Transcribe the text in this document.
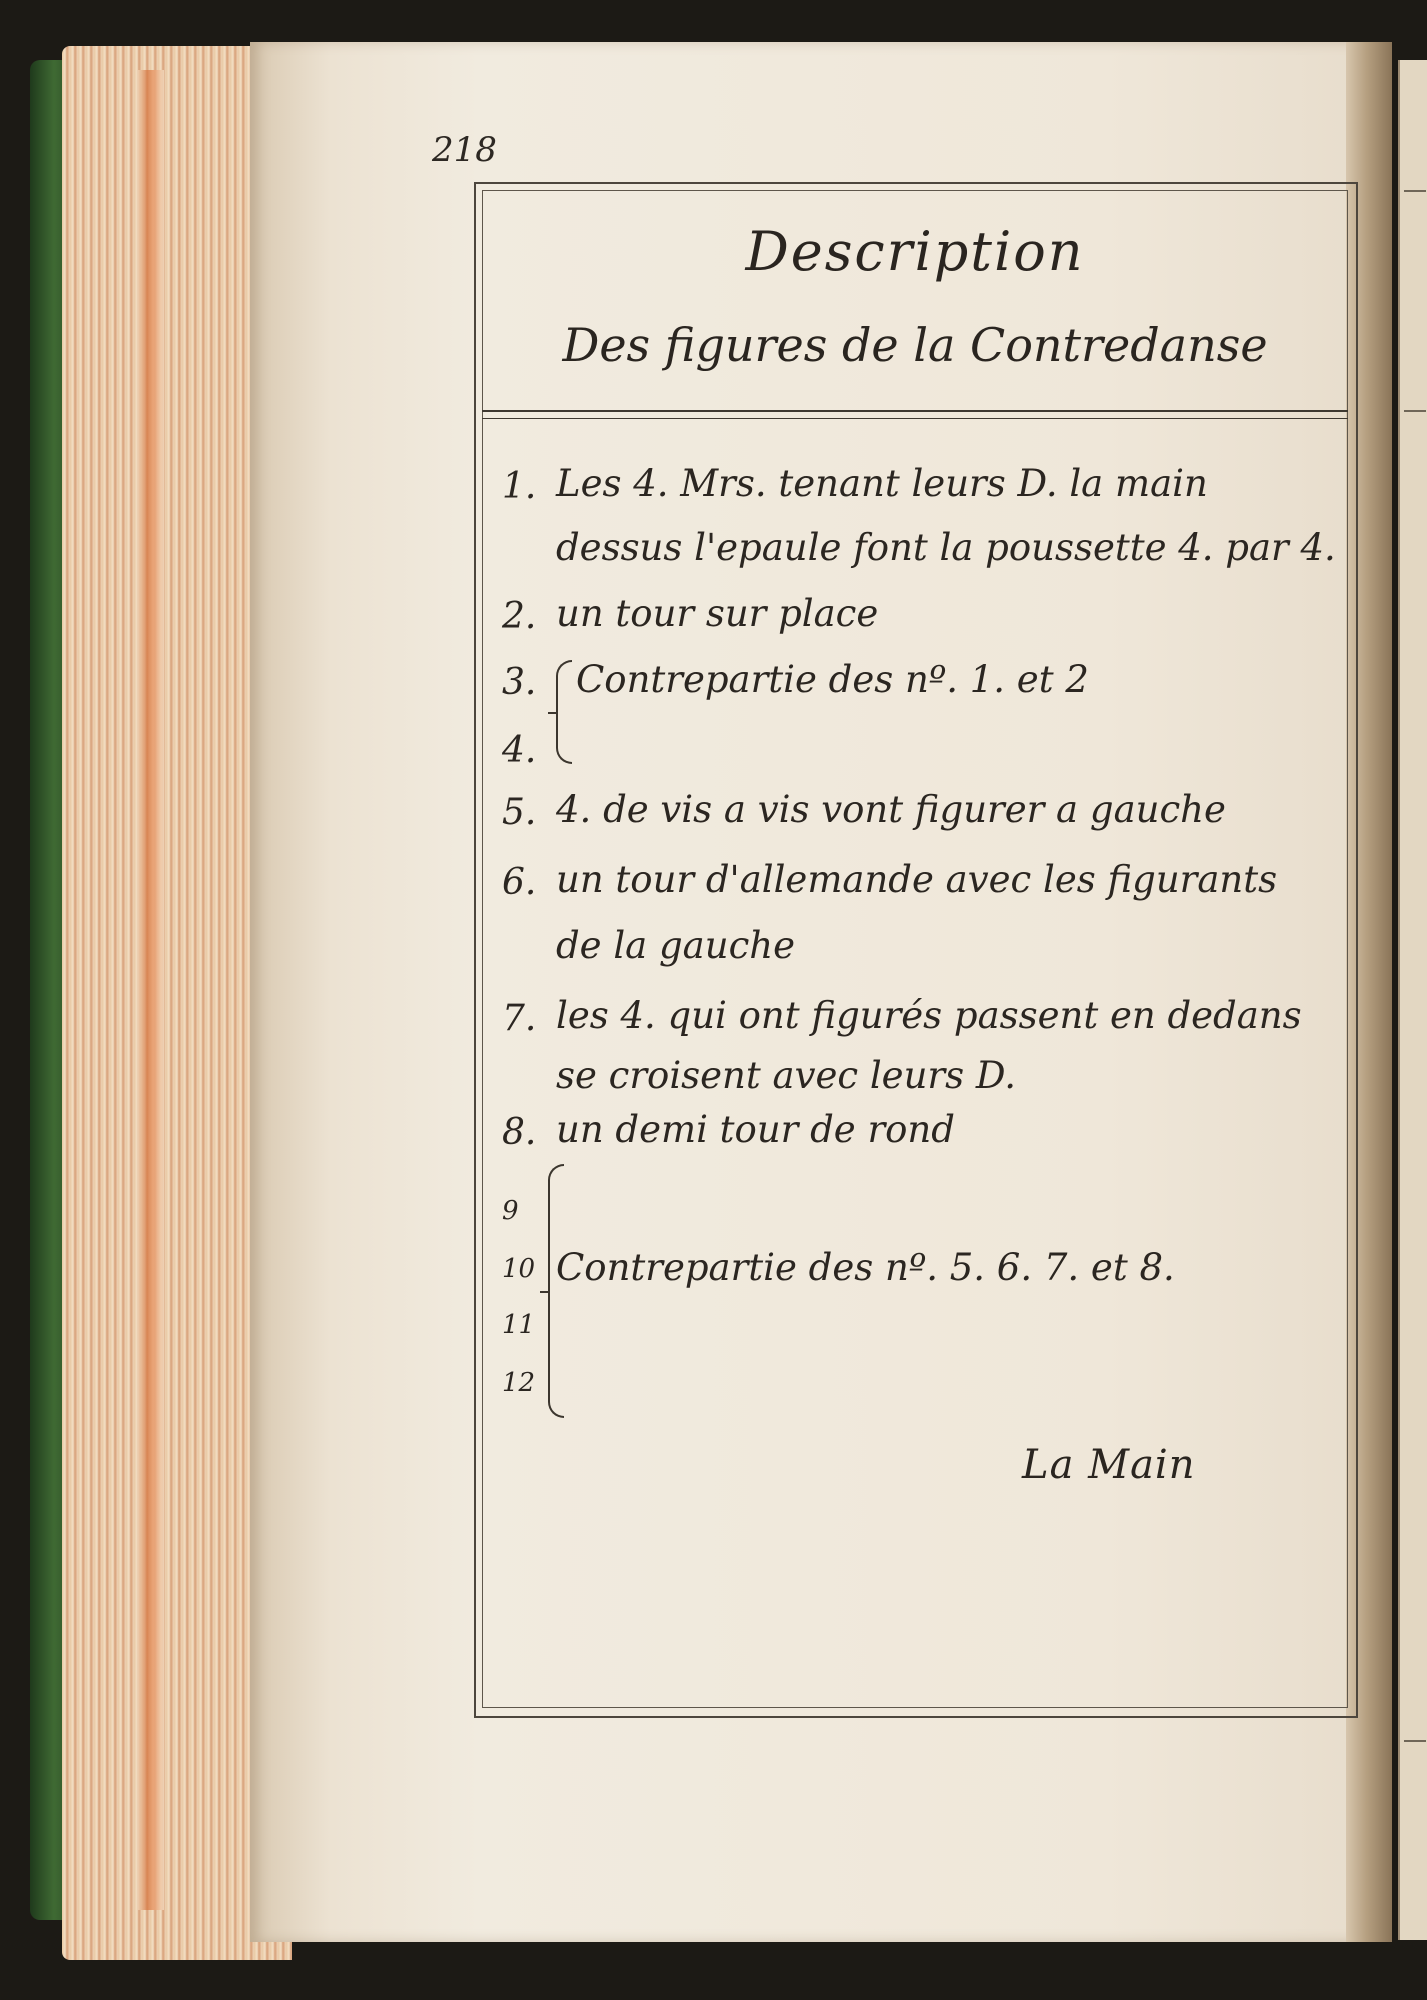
218
Description
Des figures de la Contredanse
1. Les 4. Mrs. tenant leurs D. la main
dessus l'epaule font la poussette 4. par 4.
2. un tour sur place
3. Contrepartie des nº. 1. et 2
4.
5. 4. de vis a vis vont figurer a gauche
6. un tour d'allemande avec les figurants
de la gauche
7. les 4. qui ont figurés passent en dedans
se croisent avec leurs D.
8. un demi tour de rond
9
10 Contrepartie des nº. 5. 6. 7. et 8.
11
12
La Main
